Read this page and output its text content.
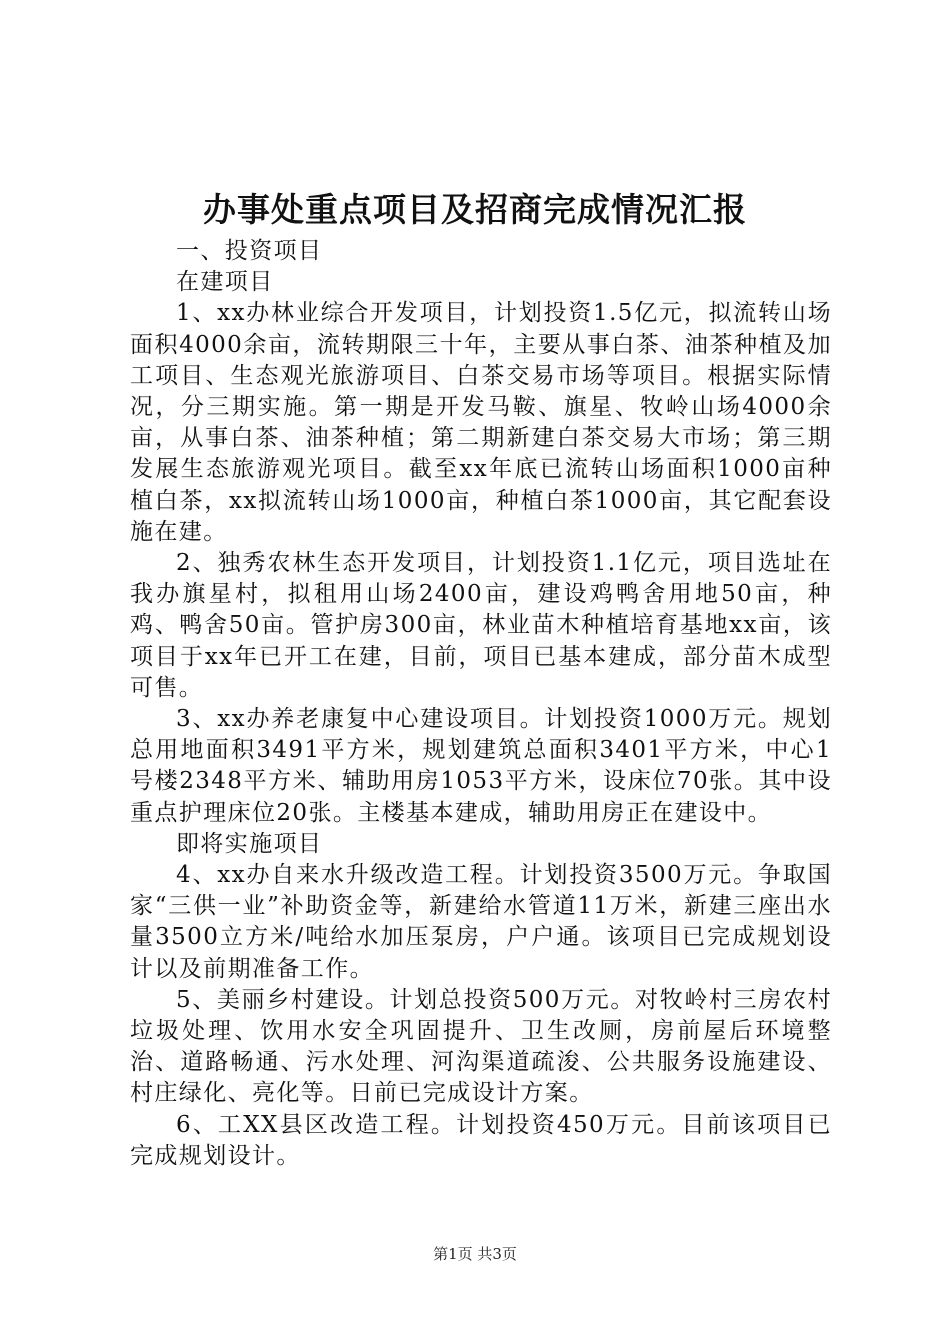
办事处重点项目及招商完成情况汇报

一、投资项目

在建项目

1、xx办林业综合开发项目，计划投资1.5亿元，拟流转山场面积4000余亩，流转期限三十年，主要从事白茶、油茶种植及加工项目、生态观光旅游项目、白茶交易市场等项目。根据实际情况，分三期实施。第一期是开发马鞍、旗星、牧岭山场4000余亩，从事白茶、油茶种植；第二期新建白茶交易大市场；第三期发展生态旅游观光项目。截至xx年底已流转山场面积1000亩种植白茶，xx拟流转山场1000亩，种植白茶1000亩，其它配套设施在建。

2、独秀农林生态开发项目，计划投资1.1亿元，项目选址在我办旗星村，拟租用山场2400亩，建设鸡鸭舍用地50亩，种鸡、鸭舍50亩。管护房300亩，林业苗木种植培育基地xx亩，该项目于xx年已开工在建，目前，项目已基本建成，部分苗木成型可售。

3、xx办养老康复中心建设项目。计划投资1000万元。规划总用地面积3491平方米，规划建筑总面积3401平方米，中心1号楼2348平方米、辅助用房1053平方米，设床位70张。其中设重点护理床位20张。主楼基本建成，辅助用房正在建设中。

即将实施项目

4、xx办自来水升级改造工程。计划投资3500万元。争取国家“三供一业”补助资金等，新建给水管道11万米，新建三座出水量3500立方米/吨给水加压泵房，户户通。该项目已完成规划设计以及前期准备工作。

5、美丽乡村建设。计划总投资500万元。对牧岭村三房农村垃圾处理、饮用水安全巩固提升、卫生改厕，房前屋后环境整治、道路畅通、污水处理、河沟渠道疏浚、公共服务设施建设、村庄绿化、亮化等。日前已完成设计方案。

6、工XX县区改造工程。计划投资450万元。目前该项目已完成规划设计。

第1页 共3页
